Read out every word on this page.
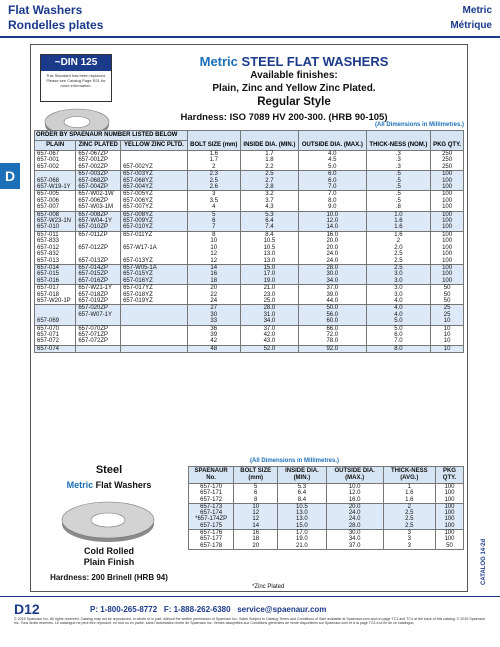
Flat Washers
Rondelles plates
Metric
Métrique
D
~DIN 125
This Standard has been replaced. Please see Catalog Page R21 for more information.
Metric STEEL FLAT WASHERS
Available finishes:
Plain, Zinc and Yellow Zinc Plated.
Regular Style
Hardness: ISO 7089 HV 200-300. (HRB 90-105)
(All Dimensions in Millimetres.)
ORDER BY SPAENAUR NUMBER LISTED BELOW			BOLT SIZE (mm)	INSIDE DIA. (MIN.)	OUTSIDE DIA. (MAX.)	THICK-NESS (NOM.)	PKG QTY.
PLAIN	ZINC PLATED	YELLOW ZINC PLTD.					
657-067	657-067ZP		1.6	1.7	4.0	.3	250
657-001	657-001ZP		1.7	1.8	4.5	.3	250
657-002	657-002ZP	657-002YZ	2	2.2	5.0	.3	250
	657-003ZP	657-003YZ	2.3	2.5	6.0	.5	100
657-068	657-068ZP	657-068YZ	2.5	2.7	6.0	.5	100
657-W19-1Y	657-004ZP	657-004YZ	2.6	2.8	7.0	.5	100
657-005	657-W02-1W	657-005YZ	3	3.2	7.0	.5	100
657-006	657-006ZP	657-006YZ	3.5	3.7	8.0	.5	100
657-007	657-W03-1M	657-007YZ	4	4.3	9.0	.8	100
657-008	657-008ZP	657-008YZ	5	5.3	10.0	1.0	100
657-W23-1N	657-W04-1Y	657-009YZ	6	6.4	12.0	1.6	100
657-010	657-010ZP	657-010YZ	7	7.4	14.0	1.6	100
657-011	657-011ZP	657-011YZ	8	8.4	16.0	1.6	100
657-833			10	10.5	20.0	2	100
657-012	657-012ZP	657-W17-1A	10	10.5	20.0	2.0	100
657-832			12	13.0	24.0	2.5	100
657-013	657-013ZP	657-013YZ	12	13.0	24.0	2.5	100
657-014	657-014ZP	657-W05-1A	14	15.0	28.0	2.5	100
657-015	657-015ZP	657-015YZ	16	17.0	30.0	3.0	100
657-016	657-016ZP	657-016YZ	18	19.0	34.0	3.0	100
657-017	657-W21-1Y	657-017YZ	20	21.0	37.0	3.0	50
657-018	657-018ZP	657-018YZ	22	23.0	39.0	3.0	50
657-W20-1P	657-019ZP	657-019YZ	24	25.0	44.0	4.0	50
	657-020ZP		27	28.0	50.0	4.0	25
	657-W07-1Y		30	31.0	56.0	4.0	25
657-069			33	34.0	60.0	5.0	10
657-070	657-070ZP		36	37.0	66.0	5.0	10
657-071	657-071ZP		39	42.0	72.0	6.0	10
657-072	657-072ZP		42	43.0	78.0	7.0	10
657-074			48	52.0	92.0	8.0	10
Steel
Metric Flat Washers
Cold Rolled
Plain Finish
Hardness: 200 Brinell (HRB 94)
(All Dimensions in Millimetres.)
SPAENAUR No.	BOLT SIZE (mm)	INSIDE DIA. (MIN.)	OUTSIDE DIA. (MAX.)	THICK-NESS (AVG.)	PKG QTY.
657-170	5	5.3	10.0	1	100
657-171	6	6.4	12.0	1.6	100
657-172	8	8.4	16.0	1.6	100
657-173	10	10.5	20.0	2	100
657-174	12	13.0	24.0	2.5	100
*657-174ZP	12	13.0	24.0	2.5	100
657-175	14	15.0	28.0	2.5	100
657-176	16	17.0	30.0	3	100
657-177	18	19.0	34.0	3	100
657-178	20	21.0	37.0	3	50
*Zinc Plated
CATALOG 14-2d
D12	P: 1-800-265-8772 F: 1-888-262-6380 service@spaenaur.com
© 2015 Spaenaur Inc. All rights reserved. Catalog may not be reproduced, in whole or in part, without the written permission of Spaenaur Inc. Sales Subject to Catalog Terms and Conditions of Sale available at Spaenaur.com and on page TC3 and TC4 at the back of this catalog. © 2015 Spaenaur Inc. Tous droits réservés. Le catalogue ne peut être reproduit, en tout ou en partie, sans l'autorisation écrite de Spaenaur Inc. Ventes assujetties aux Conditions générales de vente disponibles sur Spaenaur.com et à la page TC4 à la fin de ce catalogue.
